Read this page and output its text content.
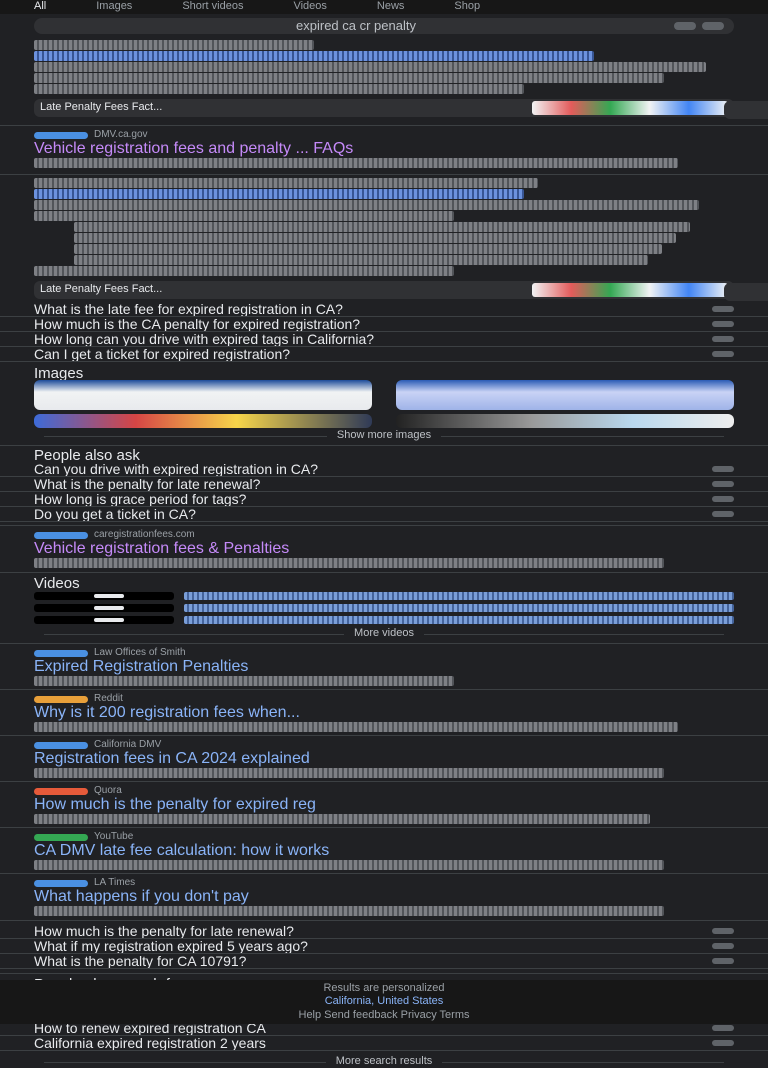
All	Images	Short videos	Videos	News	Shop
expired ca cr penalty
Late Penalty Fees Fact...
DMV.ca.gov
Vehicle registration fees and penalty ... FAQs
Late Penalty Fees Fact...
What is the late fee for expired registration in CA?
How much is the CA penalty for expired registration?
How long can you drive with expired tags in California?
Can I get a ticket for expired registration?
Images
Show more images
People also ask
Can you drive with expired registration in CA?
What is the penalty for late renewal?
How long is grace period for tags?
Do you get a ticket in CA?
caregistrationfees.com
Vehicle registration fees & Penalties
Videos
More videos
Law Offices of Smith
Expired Registration Penalties
Reddit
Why is it 200 registration fees when...
California DMV
Registration fees in CA 2024 explained
Quora
How much is the penalty for expired reg
YouTube
CA DMV late fee calculation: how it works
LA Times
What happens if you don't pay
How much is the penalty for late renewal?
What if my registration expired 5 years ago?
What is the penalty for CA 10791?
People also search for
Expired registration CA penalty calculator
CA DMV late fee waiver 2024
Results are personalized
California, United States
Help Send feedback Privacy Terms
